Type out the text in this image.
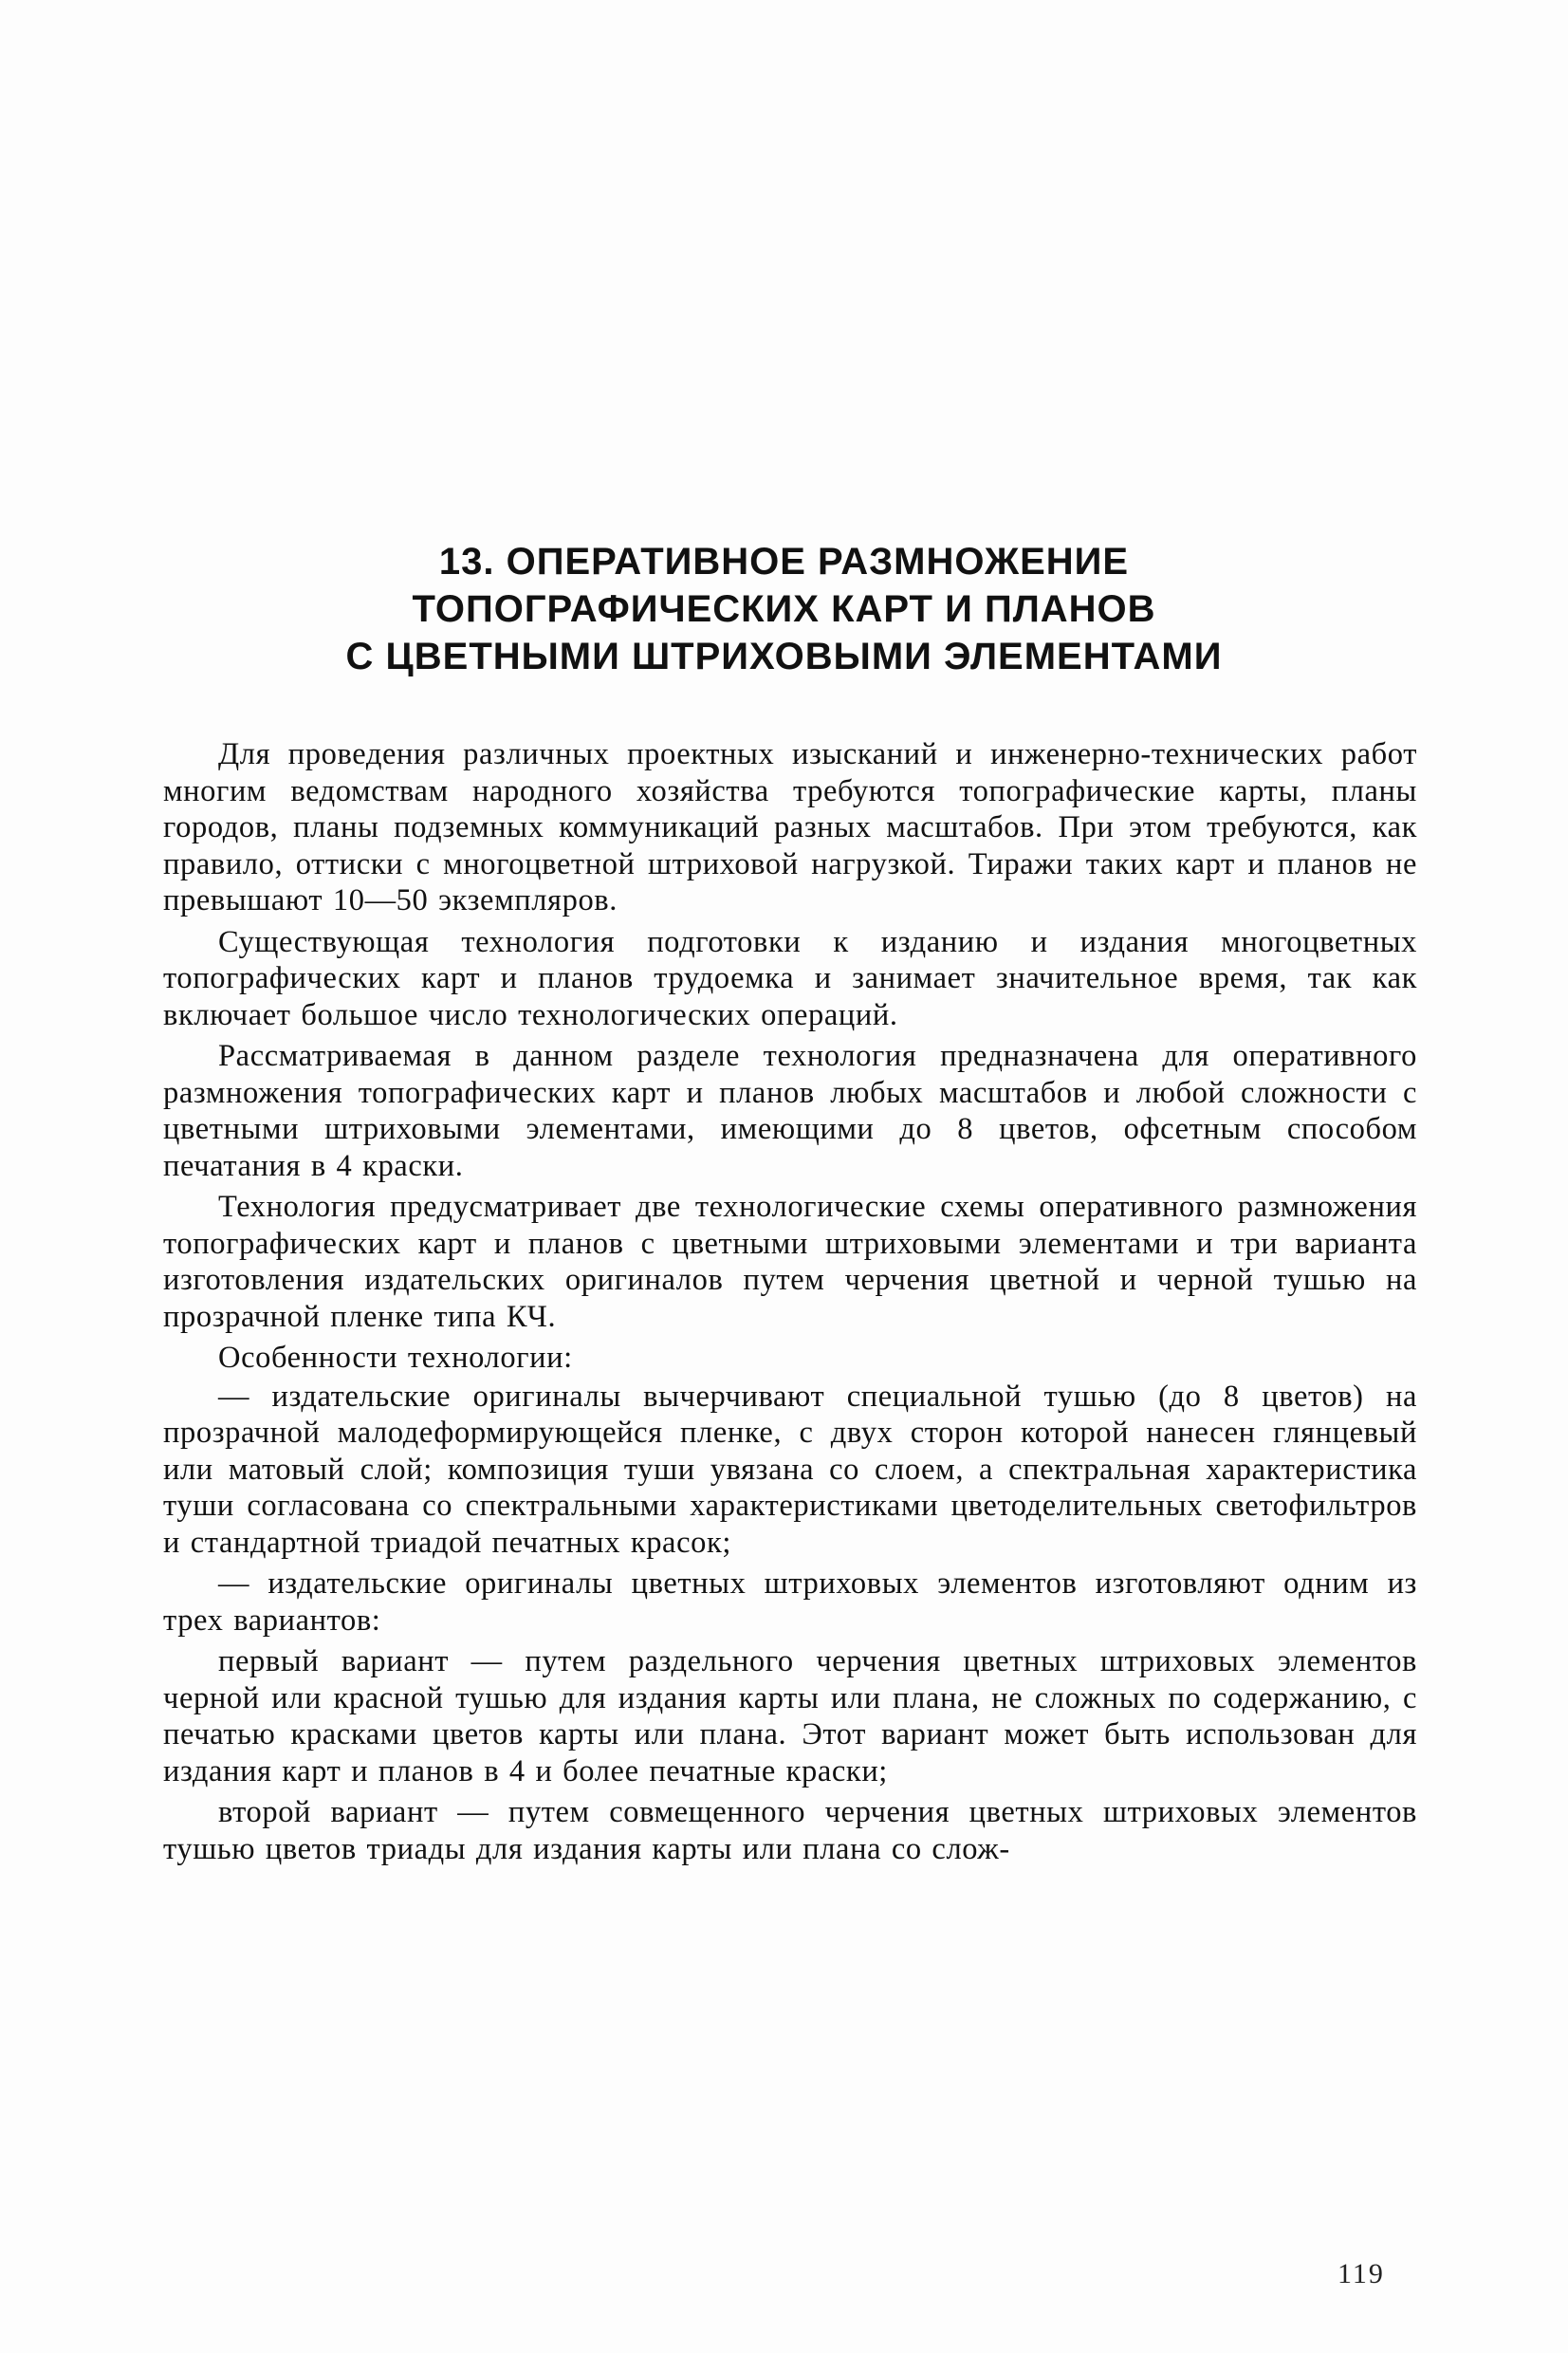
13. ОПЕРАТИВНОЕ РАЗМНОЖЕНИЕ
ТОПОГРАФИЧЕСКИХ КАРТ И ПЛАНОВ
С ЦВЕТНЫМИ ШТРИХОВЫМИ ЭЛЕМЕНТАМИ

Для проведения различных проектных изысканий и инженерно-технических работ многим ведомствам народного хозяйства требуются топографические карты, планы городов, планы подземных коммуникаций разных масштабов. При этом требуются, как правило, оттиски с многоцветной штриховой нагрузкой. Тиражи таких карт и планов не превышают 10—50 экземпляров.

Существующая технология подготовки к изданию и издания многоцветных топографических карт и планов трудоемка и занимает значительное время, так как включает большое число технологических операций.

Рассматриваемая в данном разделе технология предназначена для оперативного размножения топографических карт и планов любых масштабов и любой сложности с цветными штриховыми элементами, имеющими до 8 цветов, офсетным способом печатания в 4 краски.

Технология предусматривает две технологические схемы оперативного размножения топографических карт и планов с цветными штриховыми элементами и три варианта изготовления издательских оригиналов путем черчения цветной и черной тушью на прозрачной пленке типа КЧ.

Особенности технологии:

— издательские оригиналы вычерчивают специальной тушью (до 8 цветов) на прозрачной малодеформирующейся пленке, с двух сторон которой нанесен глянцевый или матовый слой; композиция туши увязана со слоем, а спектральная характеристика туши согласована со спектральными характеристиками цветоделительных светофильтров и стандартной триадой печатных красок;

— издательские оригиналы цветных штриховых элементов изготовляют одним из трех вариантов:

первый вариант — путем раздельного черчения цветных штриховых элементов черной или красной тушью для издания карты или плана, не сложных по содержанию, с печатью красками цветов карты или плана. Этот вариант может быть использован для издания карт и планов в 4 и более печатные краски;

второй вариант — путем совмещенного черчения цветных штриховых элементов тушью цветов триады для издания карты или плана со слож-

119
